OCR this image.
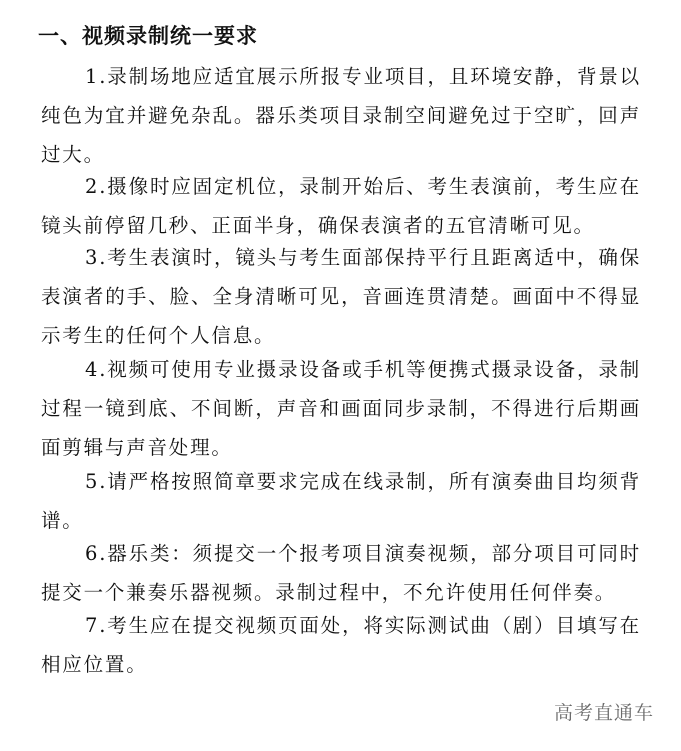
一、视频录制统一要求

1.录制场地应适宜展示所报专业项目，且环境安静，背景以纯色为宜并避免杂乱。器乐类项目录制空间避免过于空旷，回声过大。

2.摄像时应固定机位，录制开始后、考生表演前，考生应在镜头前停留几秒、正面半身，确保表演者的五官清晰可见。

3.考生表演时，镜头与考生面部保持平行且距离适中，确保表演者的手、脸、全身清晰可见，音画连贯清楚。画面中不得显示考生的任何个人信息。

4.视频可使用专业摄录设备或手机等便携式摄录设备，录制过程一镜到底、不间断，声音和画面同步录制，不得进行后期画面剪辑与声音处理。

5.请严格按照简章要求完成在线录制，所有演奏曲目均须背谱。

6.器乐类：须提交一个报考项目演奏视频，部分项目可同时提交一个兼奏乐器视频。录制过程中，不允许使用任何伴奏。

7.考生应在提交视频页面处，将实际测试曲（剧）目填写在相应位置。

高考直通车
